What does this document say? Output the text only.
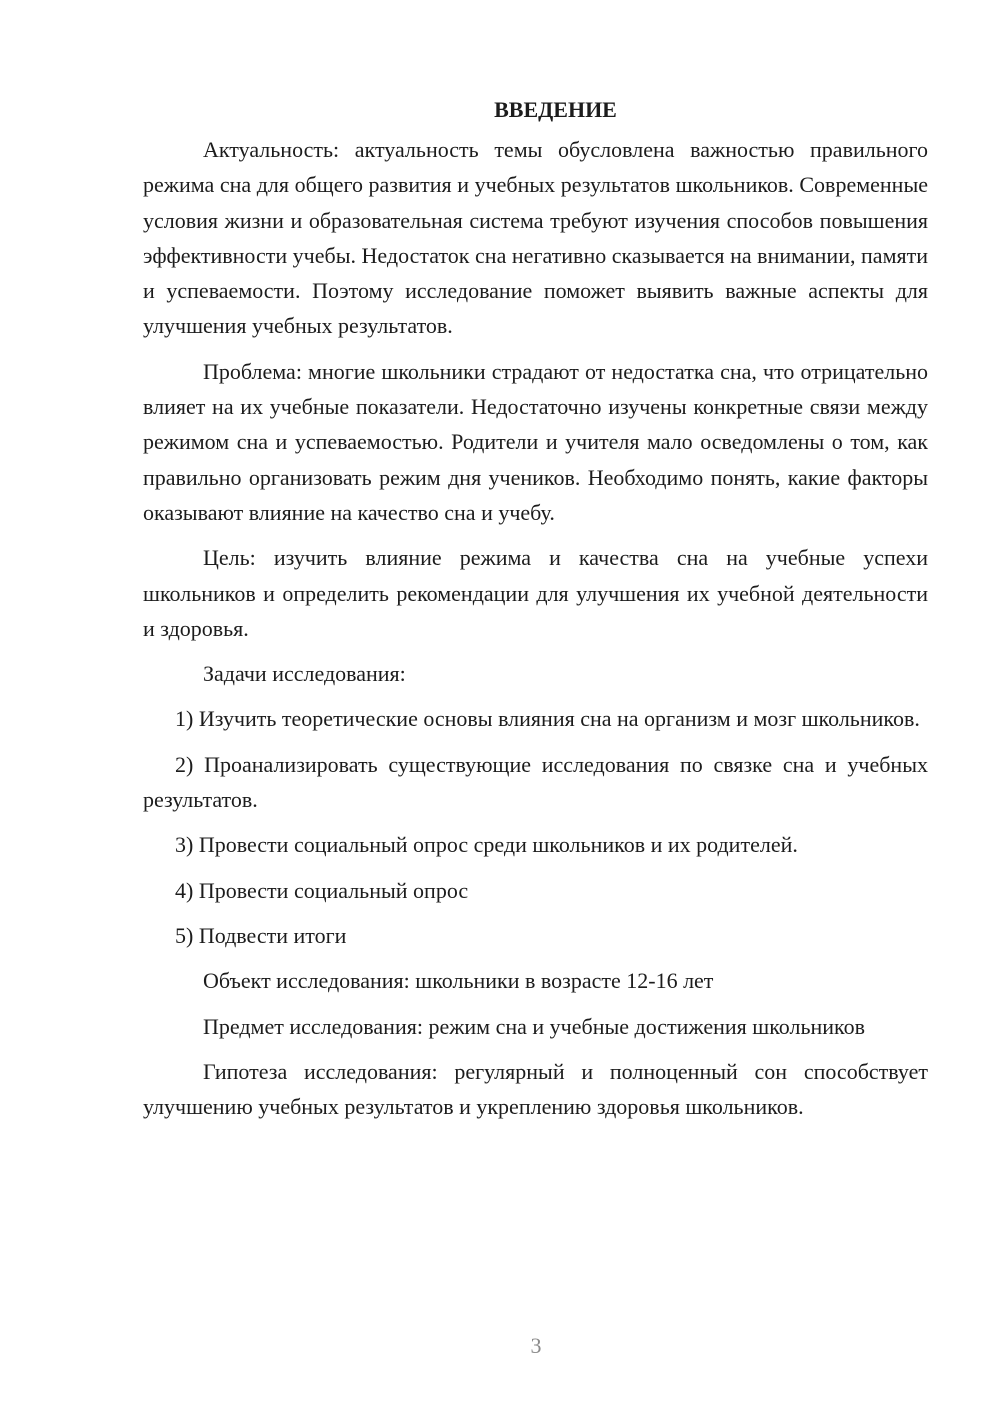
ВВЕДЕНИЕ

Актуальность: актуальность темы обусловлена важностью правильного режима сна для общего развития и учебных результатов школьников. Современные условия жизни и образовательная система требуют изучения способов повышения эффективности учебы. Недостаток сна негативно сказывается на внимании, памяти и успеваемости. Поэтому исследование поможет выявить важные аспекты для улучшения учебных результатов.

Проблема: многие школьники страдают от недостатка сна, что отрицательно влияет на их учебные показатели. Недостаточно изучены конкретные связи между режимом сна и успеваемостью. Родители и учителя мало осведомлены о том, как правильно организовать режим дня учеников. Необходимо понять, какие факторы оказывают влияние на качество сна и учебу.

Цель: изучить влияние режима и качества сна на учебные успехи школьников и определить рекомендации для улучшения их учебной деятельности и здоровья.

Задачи исследования:

1) Изучить теоретические основы влияния сна на организм и мозг школьников.

2) Проанализировать существующие исследования по связке сна и учебных результатов.

3) Провести социальный опрос среди школьников и их родителей.

4) Провести социальный опрос

5) Подвести итоги

Объект исследования: школьники в возрасте 12-16 лет

Предмет исследования: режим сна и учебные достижения школьников

Гипотеза исследования: регулярный и полноценный сон способствует улучшению учебных результатов и укреплению здоровья школьников.

3
